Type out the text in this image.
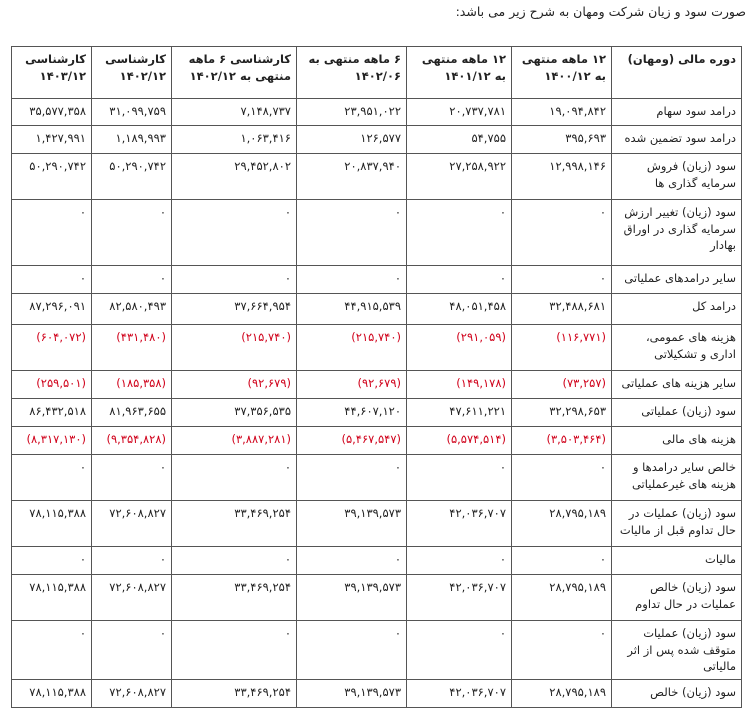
صورت سود و زیان شرکت ومهان به شرح زیر می باشد:
دوره مالی (ومهان)	۱۲ ماهه منتهی به ۱۴۰۰/۱۲	۱۲ ماهه منتهی به ۱۴۰۱/۱۲	۶ ماهه منتهی به ۱۴۰۲/۰۶	کارشناسی ۶ ماهه منتهی به ۱۴۰۲/۱۲	کارشناسی ۱۴۰۲/۱۲	کارشناسی ۱۴۰۳/۱۲
درامد سود سهام	۱۹,۰۹۴,۸۴۲	۲۰,۷۳۷,۷۸۱	۲۳,۹۵۱,۰۲۲	۷,۱۴۸,۷۳۷	۳۱,۰۹۹,۷۵۹	۳۵,۵۷۷,۳۵۸
درامد سود تضمین شده	۳۹۵,۶۹۳	۵۴,۷۵۵	۱۲۶,۵۷۷	۱,۰۶۳,۴۱۶	۱,۱۸۹,۹۹۳	۱,۴۲۷,۹۹۱
سود (زیان) فروش سرمایه گذاری ها	۱۲,۹۹۸,۱۴۶	۲۷,۲۵۸,۹۲۲	۲۰,۸۳۷,۹۴۰	۲۹,۴۵۲,۸۰۲	۵۰,۲۹۰,۷۴۲	۵۰,۲۹۰,۷۴۲
سود (زیان) تغییر ارزش سرمایه گذاری در اوراق بهادار	۰	۰	۰	۰	۰	۰
سایر درامدهای عملیاتی	۰	۰	۰	۰	۰	۰
درامد کل	۳۲,۴۸۸,۶۸۱	۴۸,۰۵۱,۴۵۸	۴۴,۹۱۵,۵۳۹	۳۷,۶۶۴,۹۵۴	۸۲,۵۸۰,۴۹۳	۸۷,۲۹۶,۰۹۱
هزینه های عمومی، اداری و تشکیلاتی	(۱۱۶,۷۷۱)	(۲۹۱,۰۵۹)	(۲۱۵,۷۴۰)	(۲۱۵,۷۴۰)	(۴۳۱,۴۸۰)	(۶۰۴,۰۷۲)
سایر هزینه های عملیاتی	(۷۳,۲۵۷)	(۱۴۹,۱۷۸)	(۹۲,۶۷۹)	(۹۲,۶۷۹)	(۱۸۵,۳۵۸)	(۲۵۹,۵۰۱)
سود (زیان) عملیاتی	۳۲,۲۹۸,۶۵۳	۴۷,۶۱۱,۲۲۱	۴۴,۶۰۷,۱۲۰	۳۷,۳۵۶,۵۳۵	۸۱,۹۶۳,۶۵۵	۸۶,۴۳۲,۵۱۸
هزینه های مالی	(۳,۵۰۳,۴۶۴)	(۵,۵۷۴,۵۱۴)	(۵,۴۶۷,۵۴۷)	(۳,۸۸۷,۲۸۱)	(۹,۳۵۴,۸۲۸)	(۸,۳۱۷,۱۳۰)
خالص سایر درامدها و هزینه های غیرعملیاتی	۰	۰	۰	۰	۰	۰
سود (زیان) عملیات در حال تداوم قبل از مالیات	۲۸,۷۹۵,۱۸۹	۴۲,۰۳۶,۷۰۷	۳۹,۱۳۹,۵۷۳	۳۳,۴۶۹,۲۵۴	۷۲,۶۰۸,۸۲۷	۷۸,۱۱۵,۳۸۸
مالیات	۰	۰	۰	۰	۰	۰
سود (زیان) خالص عملیات در حال تداوم	۲۸,۷۹۵,۱۸۹	۴۲,۰۳۶,۷۰۷	۳۹,۱۳۹,۵۷۳	۳۳,۴۶۹,۲۵۴	۷۲,۶۰۸,۸۲۷	۷۸,۱۱۵,۳۸۸
سود (زیان) عملیات متوقف شده پس از اثر مالیاتی	۰	۰	۰	۰	۰	۰
سود (زیان) خالص	۲۸,۷۹۵,۱۸۹	۴۲,۰۳۶,۷۰۷	۳۹,۱۳۹,۵۷۳	۳۳,۴۶۹,۲۵۴	۷۲,۶۰۸,۸۲۷	۷۸,۱۱۵,۳۸۸
